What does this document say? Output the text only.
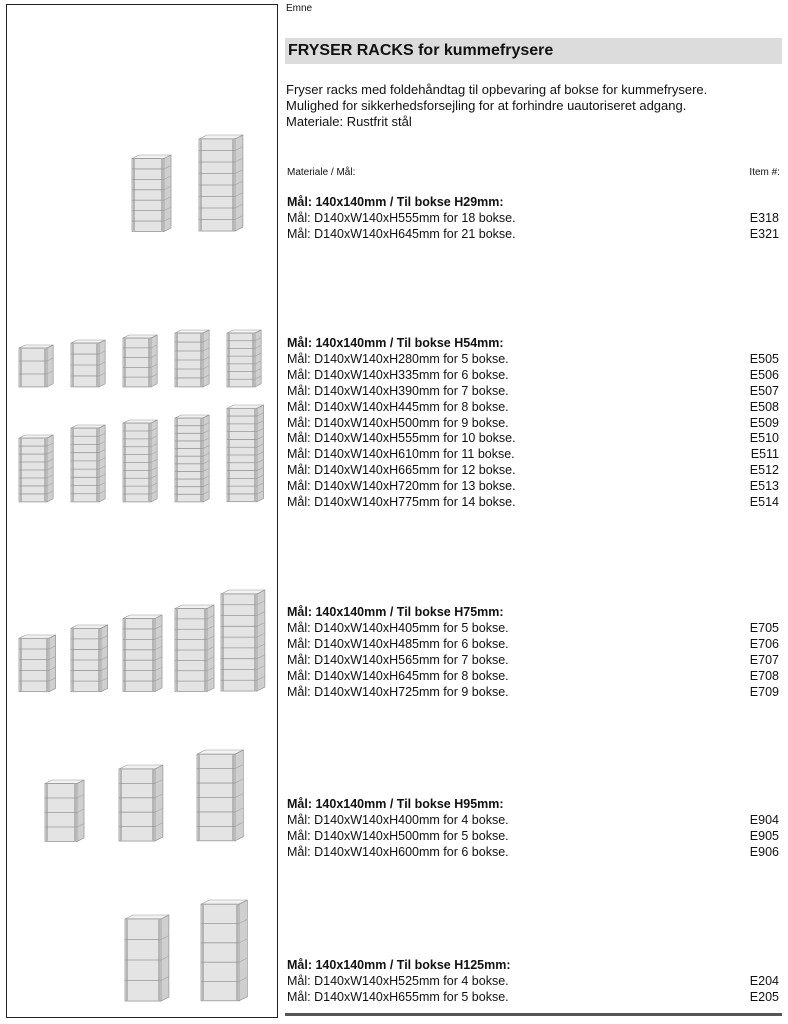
Emne
FRYSER RACKS for kummefrysere
Fryser racks med foldehåndtag til opbevaring af bokse for kummefrysere.
Mulighed for sikkerhedsforsejling for at forhindre uautoriseret adgang.
Materiale: Rustfrit stål
Materiale / Mål:	Item #:
Mål: 140x140mm / Til bokse H29mm:
Mål: D140xW140xH555mm for 18 bokse.	E318
Mål: D140xW140xH645mm for 21 bokse.	E321
Mål: 140x140mm / Til bokse H54mm:
Mål: D140xW140xH280mm for 5 bokse.	E505
Mål: D140xW140xH335mm for 6 bokse.	E506
Mål: D140xW140xH390mm for 7 bokse.	E507
Mål: D140xW140xH445mm for 8 bokse.	E508
Mål: D140xW140xH500mm for 9 bokse.	E509
Mål: D140xW140xH555mm for 10 bokse.	E510
Mål: D140xW140xH610mm for 11 bokse.	E511
Mål: D140xW140xH665mm for 12 bokse.	E512
Mål: D140xW140xH720mm for 13 bokse.	E513
Mål: D140xW140xH775mm for 14 bokse.	E514
Mål: 140x140mm / Til bokse H75mm:
Mål: D140xW140xH405mm for 5 bokse.	E705
Mål: D140xW140xH485mm for 6 bokse.	E706
Mål: D140xW140xH565mm for 7 bokse.	E707
Mål: D140xW140xH645mm for 8 bokse.	E708
Mål: D140xW140xH725mm for 9 bokse.	E709
Mål: 140x140mm / Til bokse H95mm:
Mål: D140xW140xH400mm for 4 bokse.	E904
Mål: D140xW140xH500mm for 5 bokse.	E905
Mål: D140xW140xH600mm for 6 bokse.	E906
Mål: 140x140mm / Til bokse H125mm:
Mål: D140xW140xH525mm for 4 bokse.	E204
Mål: D140xW140xH655mm for 5 bokse.	E205
